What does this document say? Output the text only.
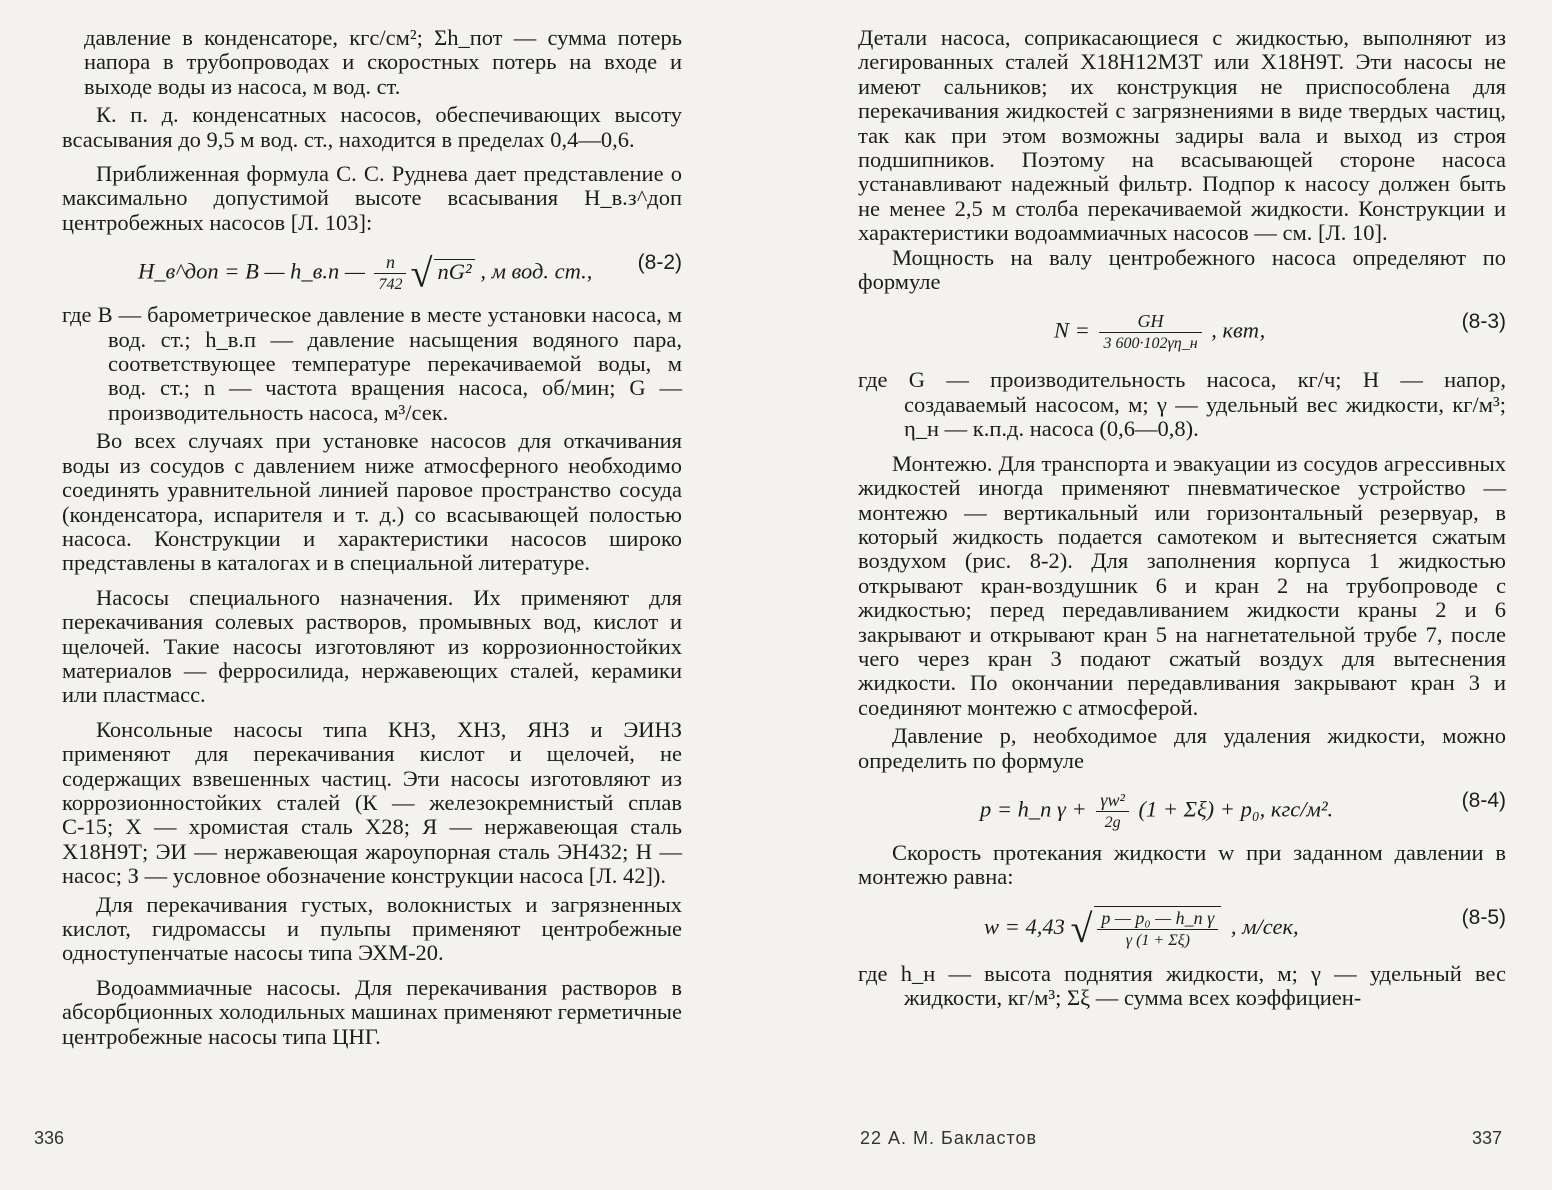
давление в конденсаторе, кгс/см²; Σh_пот — сумма потерь напора в трубопроводах и скоростных потерь на входе и выходе воды из насоса, м вод. ст.

К. п. д. конденсатных насосов, обеспечивающих высоту всасывания до 9,5 м вод. ст., находится в пределах 0,4—0,6.

Приближенная формула С. С. Руднева дает представление о максимально допустимой высоте всасывания H_в.з^доп центробежных насосов [Л. 103]:

H_в^доп = B — h_в.п — $\frac{n}{742}$ √ nG² , м вод. ст., (8-2)

где B — барометрическое давление в месте установки насоса, м вод. ст.; h_в.п — давление насыщения водяного пара, соответствующее температуре перекачиваемой воды, м вод. ст.; n — частота вращения насоса, об/мин; G — производительность насоса, м³/сек.

Во всех случаях при установке насосов для откачивания воды из сосудов с давлением ниже атмосферного необходимо соединять уравнительной линией паровое пространство сосуда (конденсатора, испарителя и т. д.) со всасывающей полостью насоса. Конструкции и характеристики насосов широко представлены в каталогах и в специальной литературе.

Насосы специального назначения. Их применяют для перекачивания солевых растворов, промывных вод, кислот и щелочей. Такие насосы изготовляют из коррозионностойких материалов — ферросилида, нержавеющих сталей, керамики или пластмасс.

Консольные насосы типа КНЗ, ХНЗ, ЯНЗ и ЭИНЗ применяют для перекачивания кислот и щелочей, не содержащих взвешенных частиц. Эти насосы изготовляют из коррозионностойких сталей (К — железокремнистый сплав С-15; Х — хромистая сталь Х28; Я — нержавеющая сталь Х18Н9Т; ЭИ — нержавеющая жароупорная сталь ЭН432; Н — насос; З — условное обозначение конструкции насоса [Л. 42]).

Для перекачивания густых, волокнистых и загрязненных кислот, гидромассы и пульпы применяют центробежные одноступенчатые насосы типа ЭХМ-20.

Водоаммиачные насосы. Для перекачивания растворов в абсорбционных холодильных машинах применяют герметичные центробежные насосы типа ЦНГ.

Детали насоса, соприкасающиеся с жидкостью, выполняют из легированных сталей Х18Н12М3Т или Х18Н9Т. Эти насосы не имеют сальников; их конструкция не приспособлена для перекачивания жидкостей с загрязнениями в виде твердых частиц, так как при этом возможны задиры вала и выход из строя подшипников. Поэтому на всасывающей стороне насоса устанавливают надежный фильтр. Подпор к насосу должен быть не менее 2,5 м столба перекачиваемой жидкости. Конструкции и характеристики водоаммиачных насосов — см. [Л. 10].

Мощность на валу центробежного насоса определяют по формуле

$N = \frac{GH}{3 600\cdot 102\gamma\eta\_н}$ , квт,	(8-3)

где G — производительность насоса, кг/ч; H — напор, создаваемый насосом, м; γ — удельный вес жидкости, кг/м³; η_н — к.п.д. насоса (0,6—0,8).

Монтежю. Для транспорта и эвакуации из сосудов агрессивных жидкостей иногда применяют пневматическое устройство — монтежю — вертикальный или горизонтальный резервуар, в который жидкость подается самотеком и вытесняется сжатым воздухом (рис. 8-2). Для заполнения корпуса 1 жидкостью открывают кран-воздушник 6 и кран 2 на трубопроводе с жидкостью; перед передавливанием жидкости краны 2 и 6 закрывают и открывают кран 5 на нагнетательной трубе 7, после чего через кран 3 подают сжатый воздух для вытеснения жидкости. По окончании передавливания закрывают кран 3 и соединяют монтежю с атмосферой.

Давление p, необходимое для удаления жидкости, можно определить по формуле

p = h_п $\gamma + \frac{\text{γw²}}{2g} (1 + \Sigma\xi) + p_0$, кгс/м².	(8-4)

Скорость протекания жидкости w при заданном давлении в монтежю равна:

w = 4,43 √ $\frac{\text{p — p₀ — h\_п γ}}{\gamma (1 + \Sigma\xi)}$ , м/сек,	(8-5)

где h_н — высота поднятия жидкости, м; γ — удельный вес жидкости, кг/м³; Σξ — сумма всех коэффициен-

336	22 А. М. Бакластов	337
